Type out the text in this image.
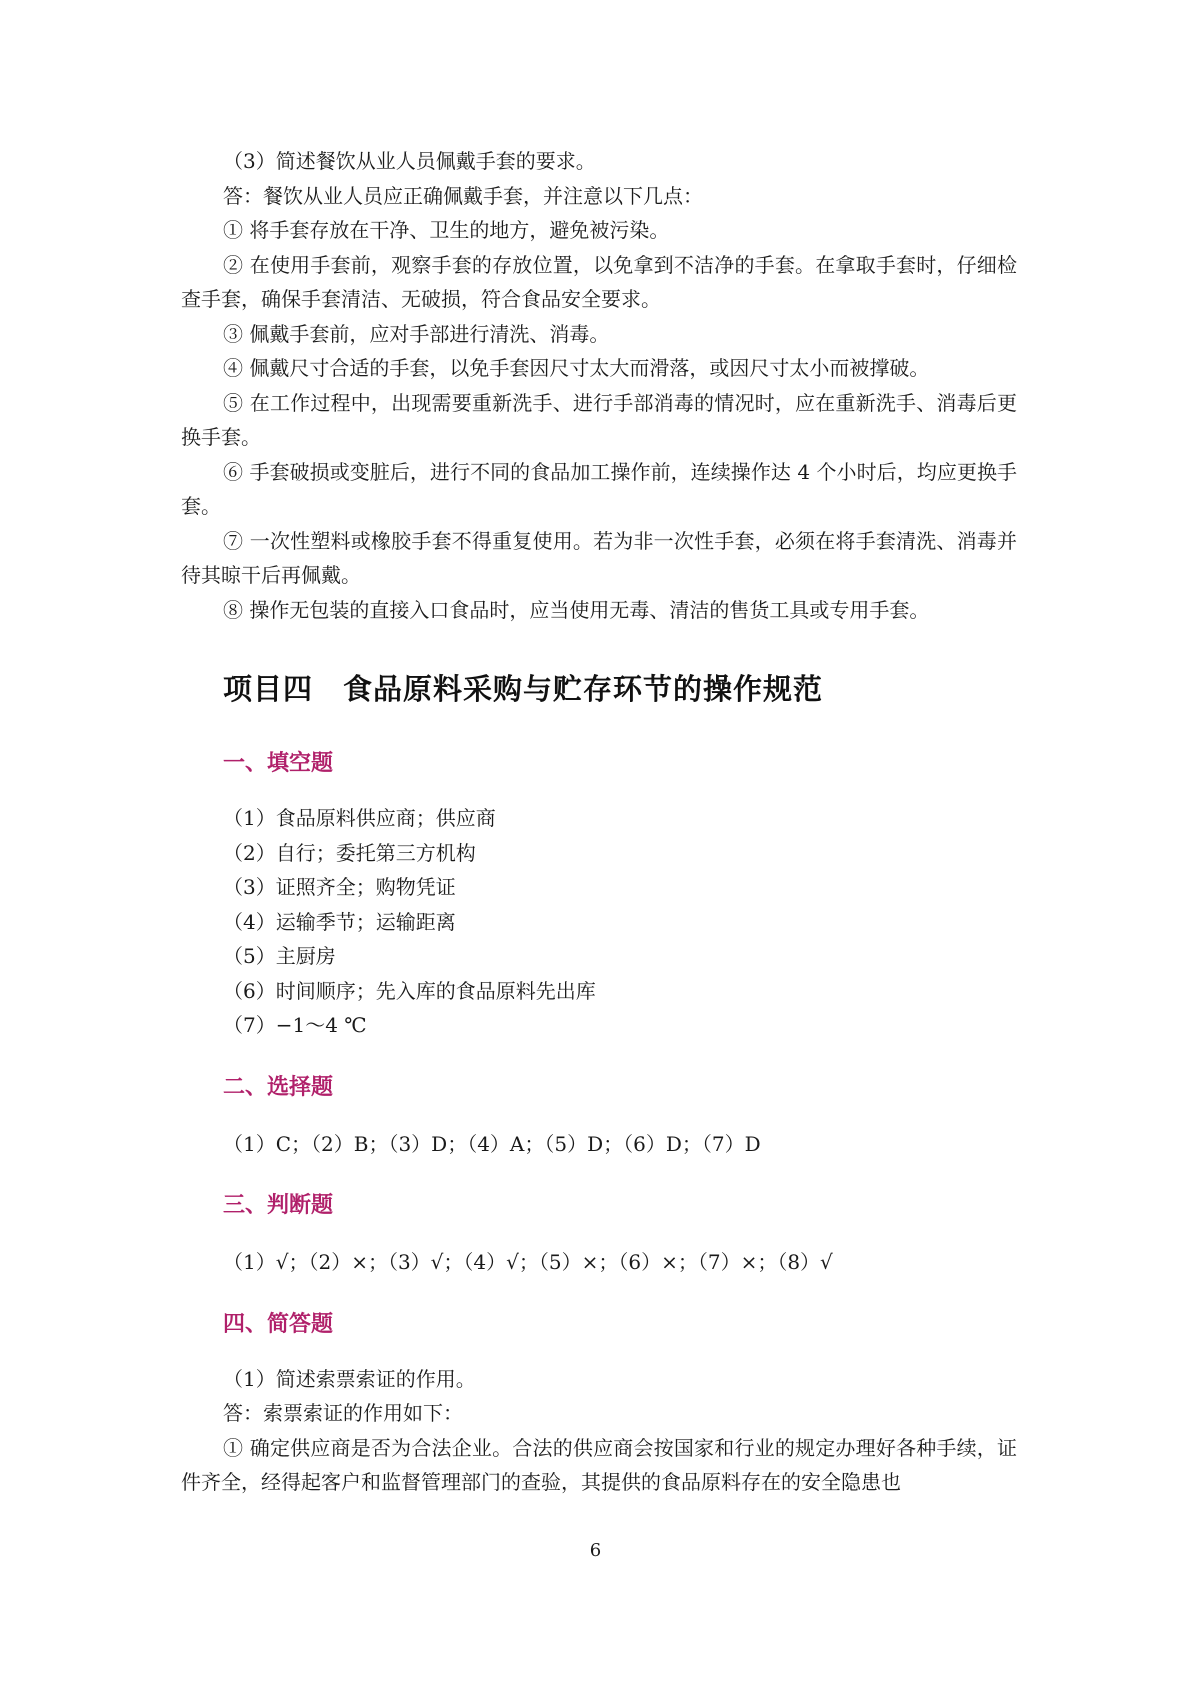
（3）简述餐饮从业人员佩戴手套的要求。

答：餐饮从业人员应正确佩戴手套，并注意以下几点：

① 将手套存放在干净、卫生的地方，避免被污染。

② 在使用手套前，观察手套的存放位置，以免拿到不洁净的手套。在拿取手套时，仔细检查手套，确保手套清洁、无破损，符合食品安全要求。

③ 佩戴手套前，应对手部进行清洗、消毒。

④ 佩戴尺寸合适的手套，以免手套因尺寸太大而滑落，或因尺寸太小而被撑破。

⑤ 在工作过程中，出现需要重新洗手、进行手部消毒的情况时，应在重新洗手、消毒后更换手套。

⑥ 手套破损或变脏后，进行不同的食品加工操作前，连续操作达 4 个小时后，均应更换手套。

⑦ 一次性塑料或橡胶手套不得重复使用。若为非一次性手套，必须在将手套清洗、消毒并待其晾干后再佩戴。

⑧ 操作无包装的直接入口食品时，应当使用无毒、清洁的售货工具或专用手套。

项目四　食品原料采购与贮存环节的操作规范
一、填空题

（1）食品原料供应商；供应商

（2）自行；委托第三方机构

（3）证照齐全；购物凭证

（4）运输季节；运输距离

（5）主厨房

（6）时间顺序；先入库的食品原料先出库

（7）−1～4 ℃

二、选择题

（1）C；（2）B；（3）D；（4）A；（5）D；（6）D；（7）D

三、判断题

（1）√；（2）×；（3）√；（4）√；（5）×；（6）×；（7）×；（8）√

四、简答题

（1）简述索票索证的作用。

答：索票索证的作用如下：

① 确定供应商是否为合法企业。合法的供应商会按国家和行业的规定办理好各种手续，证件齐全，经得起客户和监督管理部门的查验，其提供的食品原料存在的安全隐患也

6
